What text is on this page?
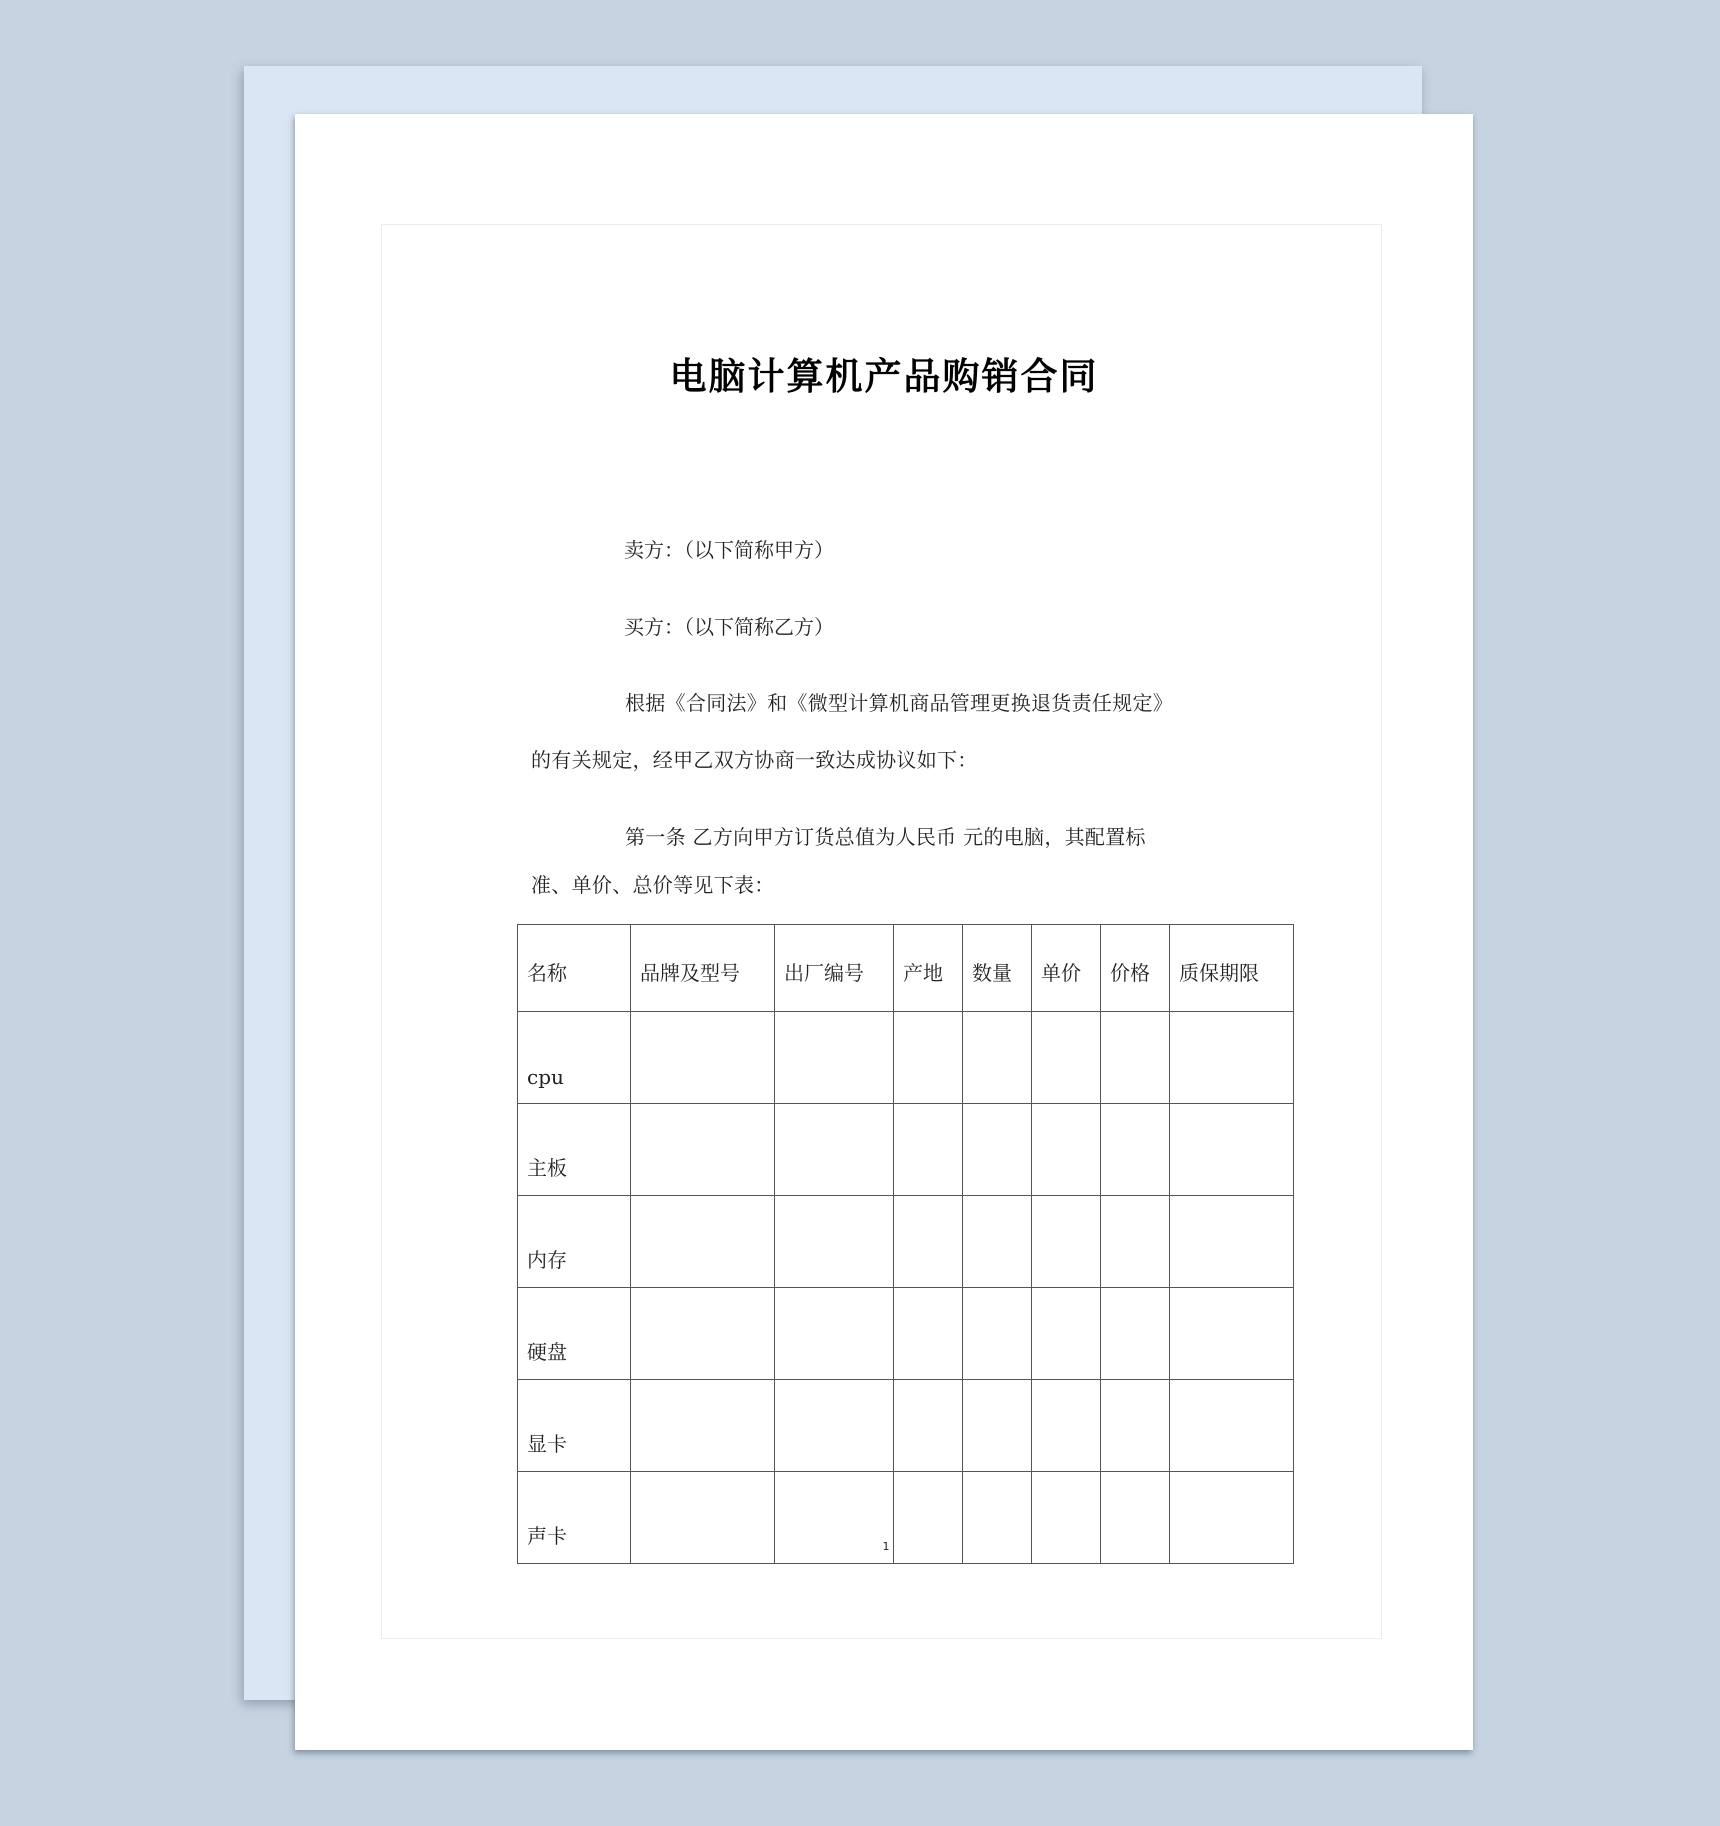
电脑计算机产品购销合同
卖方：（以下简称甲方）
买方：（以下简称乙方）
根据《合同法》和《微型计算机商品管理更换退货责任规定》
的有关规定，经甲乙双方协商一致达成协议如下：
第一条 乙方向甲方订货总值为人民币 元的电脑，其配置标
准、单价、总价等见下表：
名称	品牌及型号	出厂编号	产地	数量	单价	价格	质保期限
cpu							
主板							
内存							
硬盘							
显卡							
声卡								1
